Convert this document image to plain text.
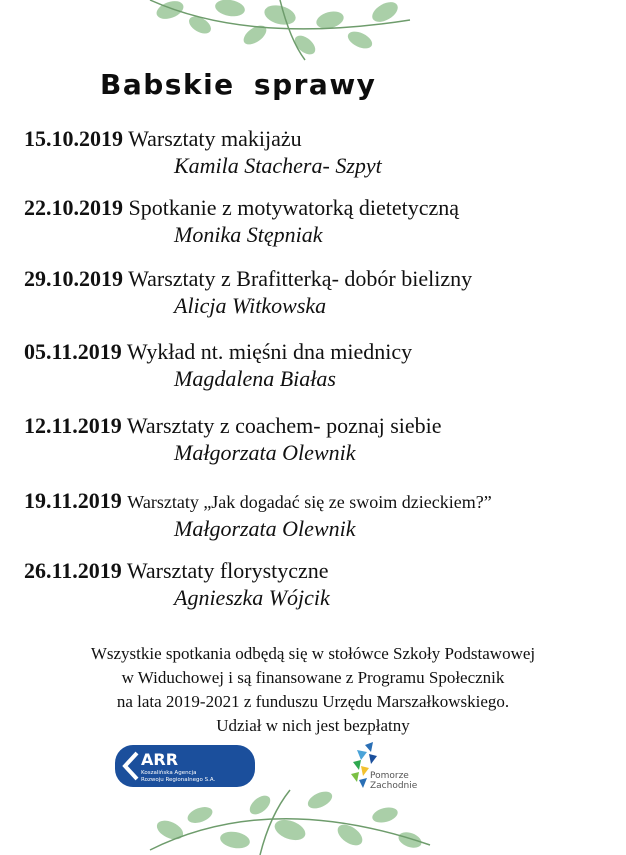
Babskie sprawy
15.10.2019 Warsztaty makijażu
Kamila Stachera- Szpyt
22.10.2019 Spotkanie z motywatorką dietetyczną
Monika Stępniak
29.10.2019 Warsztaty z Brafitterką- dobór bielizny
Alicja Witkowska
05.11.2019 Wykład nt. mięśni dna miednicy
Magdalena Białas
12.11.2019 Warsztaty z coachem- poznaj siebie
Małgorzata Olewnik
19.11.2019 Warsztaty „Jak dogadać się ze swoim dzieckiem?”
Małgorzata Olewnik
26.11.2019 Warsztaty florystyczne
Agnieszka Wójcik
Wszystkie spotkania odbędą się w stołówce Szkoły Podstawowej
w Widuchowej i są finansowane z Programu Społecznik
na lata 2019-2021 z funduszu Urzędu Marszałkowskiego.
Udział w nich jest bezpłatny
ARR
Koszalińska Agencja
Rozwoju Regionalnego S.A.	Pomorze
Zachodnie
